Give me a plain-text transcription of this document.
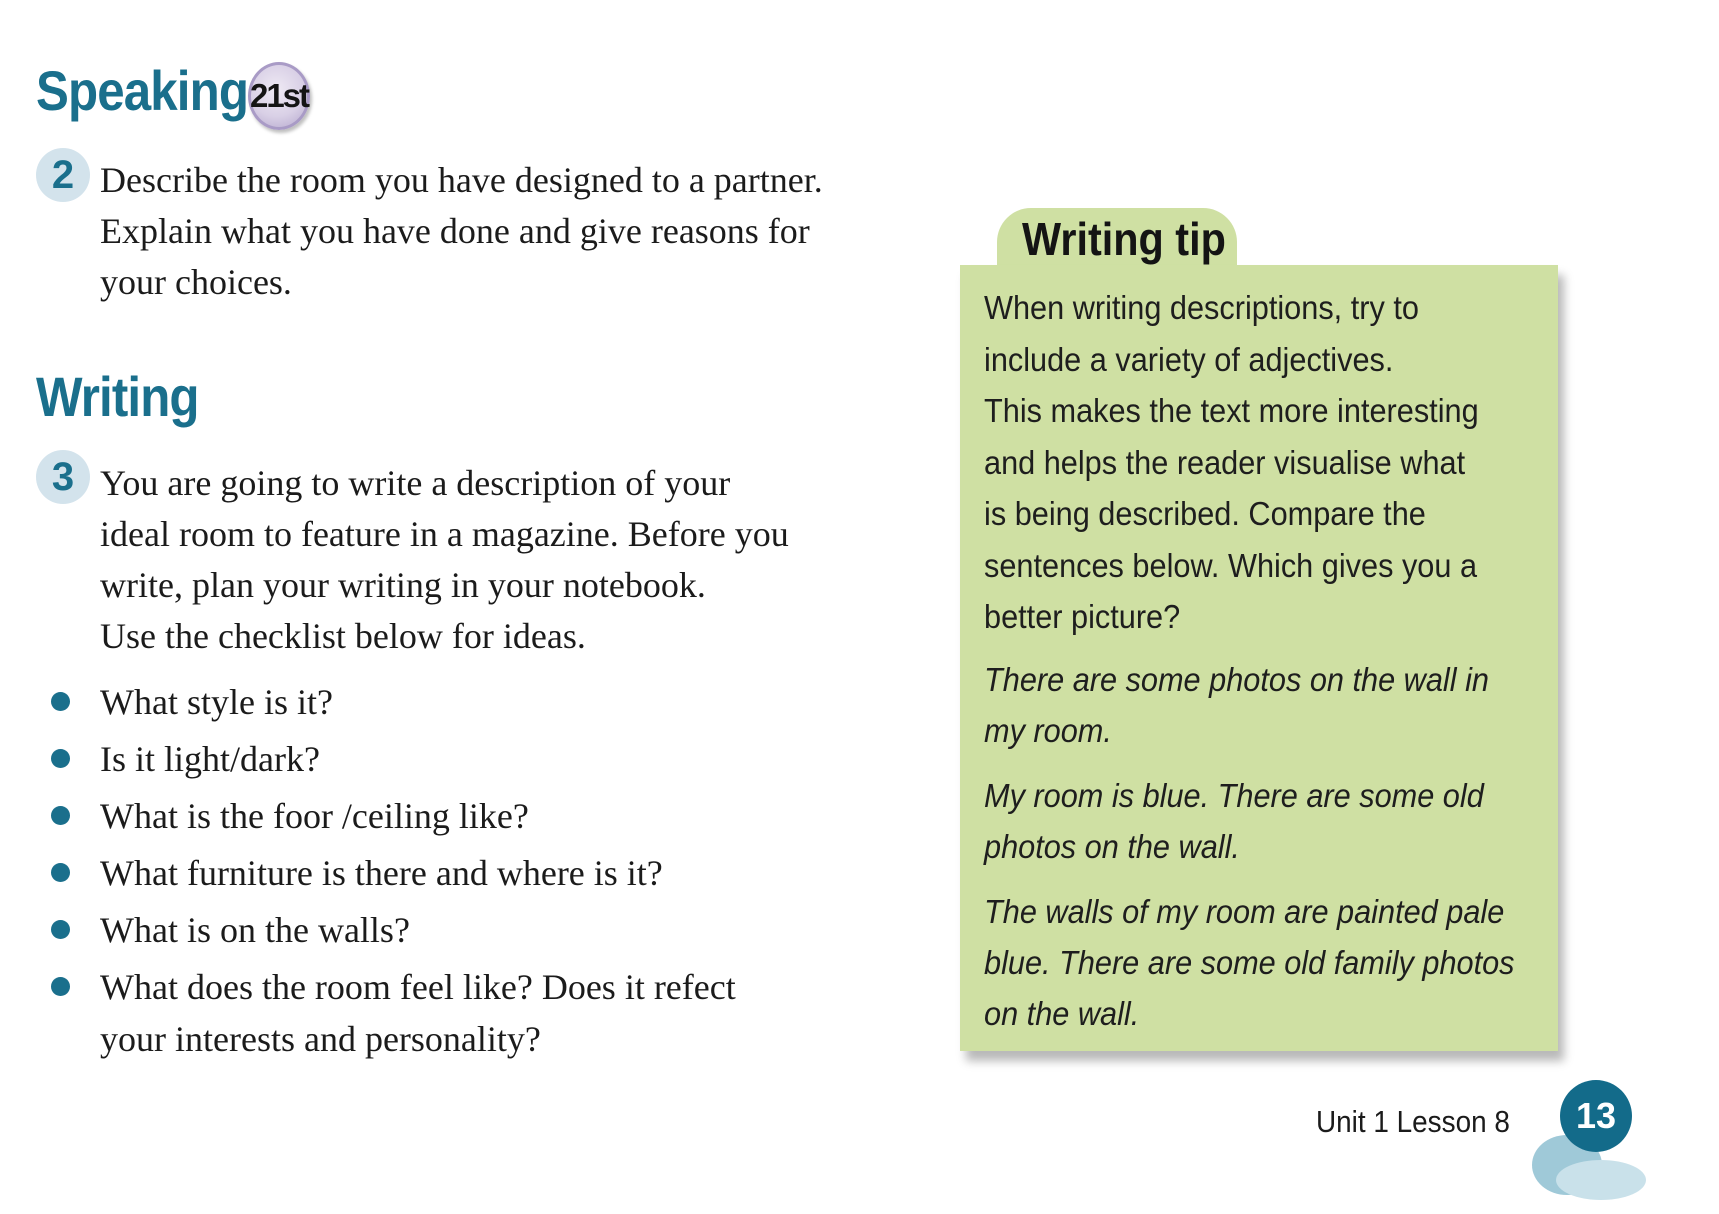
Speaking 21st
2 Describe the room you have designed to a partner.
Explain what you have done and give reasons for
your choices.
Writing
3 You are going to write a description of your
ideal room to feature in a magazine. Before you
write, plan your writing in your notebook.
Use the checklist below for ideas.
What style is it?
Is it light/dark?
What is the foor /ceiling like?
What furniture is there and where is it?
What is on the walls?
What does the room feel like? Does it refect
your interests and personality?
Writing tip
When writing descriptions, try to
include a variety of adjectives.
This makes the text more interesting
and helps the reader visualise what
is being described. Compare the
sentences below. Which gives you a
better picture?
There are some photos on the wall in
my room.
My room is blue. There are some old
photos on the wall.
The walls of my room are painted pale
blue. There are some old family photos
on the wall.
Unit 1 Lesson 8 13
